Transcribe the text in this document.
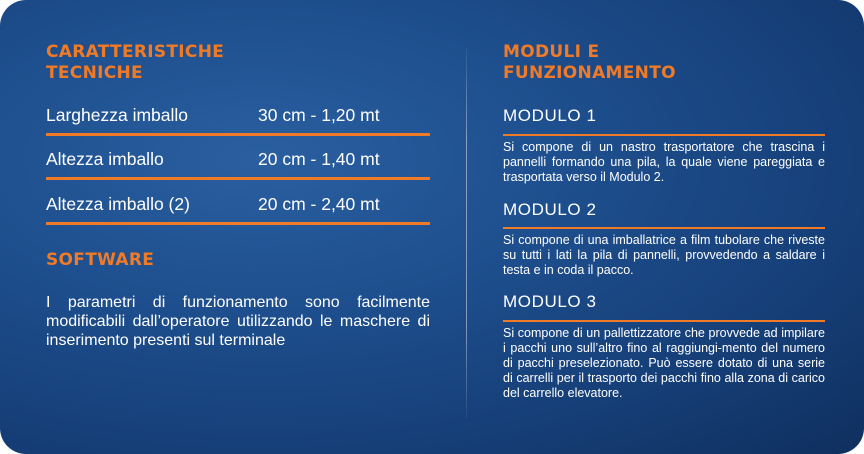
CARATTERISTICHE
TECNICHE
Larghezza imballo	30 cm - 1,20 mt
Altezza imballo	20 cm - 1,40 mt
Altezza imballo (2)	20 cm - 2,40 mt
SOFTWARE
I parametri di funzionamento sono facilmente modificabili dall’operatore utilizzando le maschere di inserimento presenti sul terminale
MODULI E
FUNZIONAMENTO
MODULO 1
Si compone di un nastro trasportatore che trascina i pannelli formando una pila, la quale viene pareggiata e trasportata verso il Modulo 2.
MODULO 2
Si compone di una imballatrice a film tubolare che riveste su tutti i lati la pila di pannelli, provvedendo a saldare i testa e in coda il pacco.
MODULO 3
Si compone di un pallettizzatore che provvede ad impilare i pacchi uno sull’altro fino al raggiungi-mento del numero di pacchi preselezionato. Può essere dotato di una serie di carrelli per il trasporto dei pacchi fino alla zona di carico del carrello elevatore.
